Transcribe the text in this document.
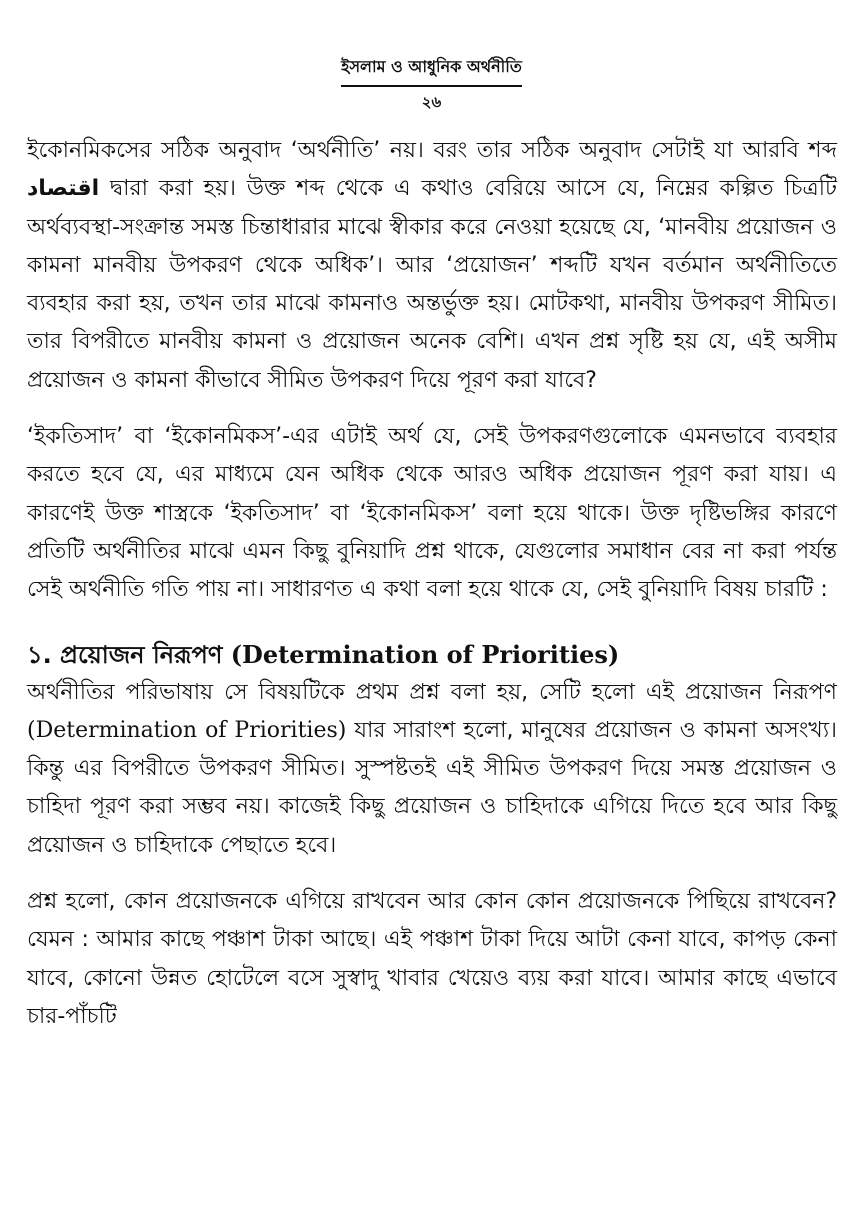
ইসলাম ও আধুনিক অর্থনীতি
২৬

ইকোনমিকসের সঠিক অনুবাদ ‘অর্থনীতি’ নয়। বরং তার সঠিক অনুবাদ সেটাই যা আরবি শব্দ اقتصاد দ্বারা করা হয়। উক্ত শব্দ থেকে এ কথাও বেরিয়ে আসে যে, নিম্নের কল্পিত চিত্রটি অর্থব্যবস্থা-সংক্রান্ত সমস্ত চিন্তাধারার মাঝে স্বীকার করে নেওয়া হয়েছে যে, ‘মানবীয় প্রয়োজন ও কামনা মানবীয় উপকরণ থেকে অধিক’। আর ‘প্রয়োজন’ শব্দটি যখন বর্তমান অর্থনীতিতে ব্যবহার করা হয়, তখন তার মাঝে কামনাও অন্তর্ভুক্ত হয়। মোটকথা, মানবীয় উপকরণ সীমিত। তার বিপরীতে মানবীয় কামনা ও প্রয়োজন অনেক বেশি। এখন প্রশ্ন সৃষ্টি হয় যে, এই অসীম প্রয়োজন ও কামনা কীভাবে সীমিত উপকরণ দিয়ে পূরণ করা যাবে?

‘ইকতিসাদ’ বা ‘ইকোনমিকস’-এর এটাই অর্থ যে, সেই উপকরণগুলোকে এমনভাবে ব্যবহার করতে হবে যে, এর মাধ্যমে যেন অধিক থেকে আরও অধিক প্রয়োজন পূরণ করা যায়। এ কারণেই উক্ত শাস্ত্রকে ‘ইকতিসাদ’ বা ‘ইকোনমিকস’ বলা হয়ে থাকে। উক্ত দৃষ্টিভঙ্গির কারণে প্রতিটি অর্থনীতির মাঝে এমন কিছু বুনিয়াদি প্রশ্ন থাকে, যেগুলোর সমাধান বের না করা পর্যন্ত সেই অর্থনীতি গতি পায় না। সাধারণত এ কথা বলা হয়ে থাকে যে, সেই বুনিয়াদি বিষয় চারটি :

১. প্রয়োজন নিরূপণ (Determination of Priorities)

অর্থনীতির পরিভাষায় সে বিষয়টিকে প্রথম প্রশ্ন বলা হয়, সেটি হলো এই প্রয়োজন নিরূপণ (Determination of Priorities) যার সারাংশ হলো, মানুষের প্রয়োজন ও কামনা অসংখ্য। কিন্তু এর বিপরীতে উপকরণ সীমিত। সুস্পষ্টতই এই সীমিত উপকরণ দিয়ে সমস্ত প্রয়োজন ও চাহিদা পূরণ করা সম্ভব নয়। কাজেই কিছু প্রয়োজন ও চাহিদাকে এগিয়ে দিতে হবে আর কিছু প্রয়োজন ও চাহিদাকে পেছাতে হবে।

প্রশ্ন হলো, কোন প্রয়োজনকে এগিয়ে রাখবেন আর কোন কোন প্রয়োজনকে পিছিয়ে রাখবেন? যেমন : আমার কাছে পঞ্চাশ টাকা আছে। এই পঞ্চাশ টাকা দিয়ে আটা কেনা যাবে, কাপড় কেনা যাবে, কোনো উন্নত হোটেলে বসে সুস্বাদু খাবার খেয়েও ব্যয় করা যাবে। আমার কাছে এভাবে চার-পাঁচটি
